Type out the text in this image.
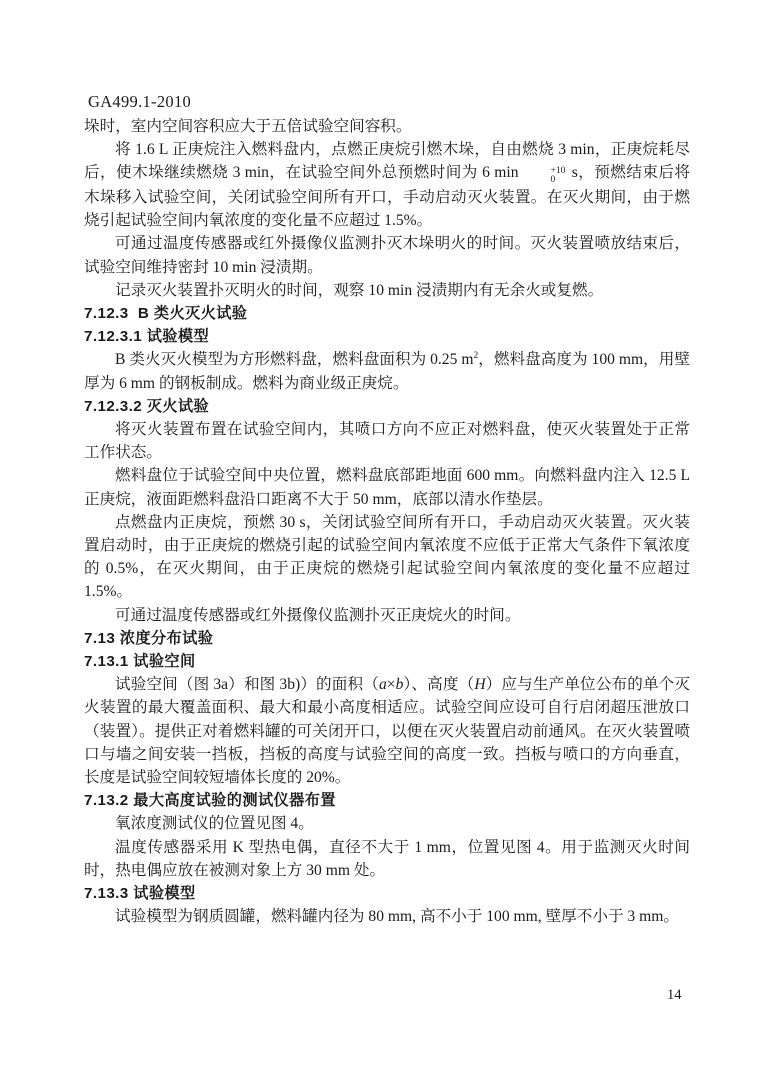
GA499.1-2010
垛时，室内空间容积应大于五倍试验空间容积。
将 1.6 L 正庚烷注入燃料盘内，点燃正庚烷引燃木垛，自由燃烧 3 min，正庚烷耗尽后，使木垛继续燃烧 3 min，在试验空间外总预燃时间为 6 min	+10
0 s，预燃结束后将木垛移入试验空间，关闭试验空间所有开口，手动启动灭火装置。在灭火期间，由于燃烧引起试验空间内氧浓度的变化量不应超过 1.5%。
可通过温度传感器或红外摄像仪监测扑灭木垛明火的时间。灭火装置喷放结束后，试验空间维持密封 10 min 浸渍期。
记录灭火装置扑灭明火的时间，观察 10 min 浸渍期内有无余火或复燃。
7.12.3  B 类火灭火试验
7.12.3.1 试验模型
B 类火灭火模型为方形燃料盘，燃料盘面积为 0.25 $m^2$，燃料盘高度为 100 mm，用壁厚为 6 mm 的钢板制成。燃料为商业级正庚烷。
7.12.3.2 灭火试验
将灭火装置布置在试验空间内，其喷口方向不应正对燃料盘，使灭火装置处于正常工作状态。
燃料盘位于试验空间中央位置，燃料盘底部距地面 600 mm。向燃料盘内注入 12.5 L 正庚烷，液面距燃料盘沿口距离不大于 50 mm，底部以清水作垫层。
点燃盘内正庚烷，预燃 30 s，关闭试验空间所有开口，手动启动灭火装置。灭火装置启动时，由于正庚烷的燃烧引起的试验空间内氧浓度不应低于正常大气条件下氧浓度的 0.5%，在灭火期间，由于正庚烷的燃烧引起试验空间内氧浓度的变化量不应超过 1.5%。
可通过温度传感器或红外摄像仪监测扑灭正庚烷火的时间。
7.13 浓度分布试验
7.13.1 试验空间
试验空间（图 3a）和图 3b)）的面积（a×b）、高度（H）应与生产单位公布的单个灭火装置的最大覆盖面积、最大和最小高度相适应。试验空间应设可自行启闭超压泄放口（装置）。提供正对着燃料罐的可关闭开口，以便在灭火装置启动前通风。在灭火装置喷口与墙之间安装一挡板，挡板的高度与试验空间的高度一致。挡板与喷口的方向垂直，长度是试验空间较短墙体长度的 20%。
7.13.2 最大高度试验的测试仪器布置
氧浓度测试仪的位置见图 4。
温度传感器采用 K 型热电偶，直径不大于 1 mm，位置见图 4。用于监测灭火时间时，热电偶应放在被测对象上方 30 mm 处。
7.13.3 试验模型
试验模型为钢质圆罐，燃料罐内径为 80 mm, 高不小于 100 mm, 壁厚不小于 3 mm。
14
